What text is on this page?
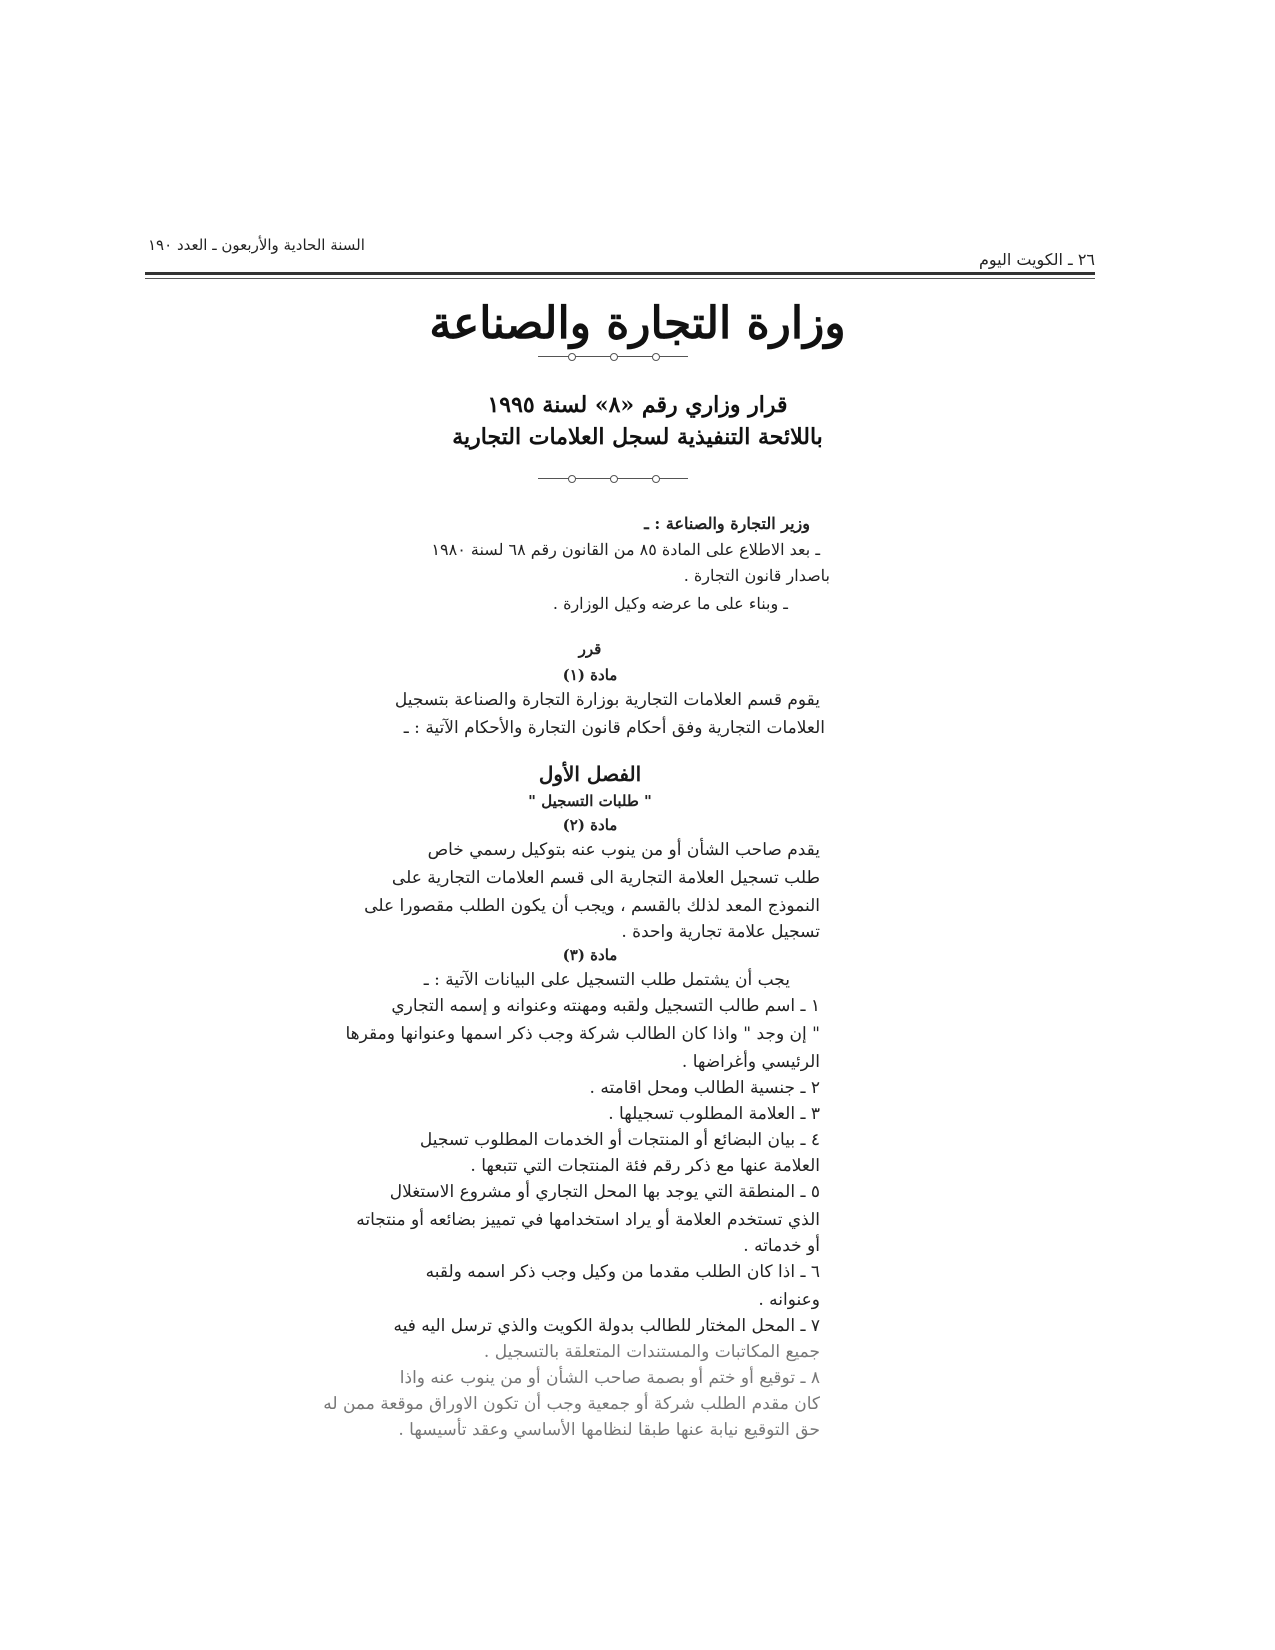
السنة الحادية والأربعون ـ العدد ١٩٠
٢٦ ـ الكويت اليوم
وزارة التجارة والصناعة
قرار وزاري رقم «٨» لسنة ١٩٩٥
باللائحة التنفيذية لسجل العلامات التجارية
وزير التجارة والصناعة : ـ
ـ بعد الاطلاع على المادة ٨٥ من القانون رقم ٦٨ لسنة ١٩٨٠
باصدار قانون التجارة .
ـ وبناء على ما عرضه وكيل الوزارة .
قرر
مادة (١)
يقوم قسم العلامات التجارية بوزارة التجارة والصناعة بتسجيل
العلامات التجارية وفق أحكام قانون التجارة والأحكام الآتية : ـ
الفصل الأول
" طلبات التسجيل "
مادة (٢)
يقدم صاحب الشأن أو من ينوب عنه بتوكيل رسمي خاص
طلب تسجيل العلامة التجارية الى قسم العلامات التجارية على
النموذج المعد لذلك بالقسم ، ويجب أن يكون الطلب مقصورا على
تسجيل علامة تجارية واحدة .
مادة (٣)
يجب أن يشتمل طلب التسجيل على البيانات الآتية : ـ
١ ـ اسم طالب التسجيل ولقبه ومهنته وعنوانه و إسمه التجاري
" إن وجد " واذا كان الطالب شركة وجب ذكر اسمها وعنوانها ومقرها
الرئيسي وأغراضها .
٢ ـ جنسية الطالب ومحل اقامته .
٣ ـ العلامة المطلوب تسجيلها .
٤ ـ بيان البضائع أو المنتجات أو الخدمات المطلوب تسجيل
العلامة عنها مع ذكر رقم فئة المنتجات التي تتبعها .
٥ ـ المنطقة التي يوجد بها المحل التجاري أو مشروع الاستغلال
الذي تستخدم العلامة أو يراد استخدامها في تمييز بضائعه أو منتجاته
أو خدماته .
٦ ـ اذا كان الطلب مقدما من وكيل وجب ذكر اسمه ولقبه
وعنوانه .
٧ ـ المحل المختار للطالب بدولة الكويت والذي ترسل اليه فيه
جميع المكاتبات والمستندات المتعلقة بالتسجيل .
٨ ـ توقيع أو ختم أو بصمة صاحب الشأن أو من ينوب عنه واذا
كان مقدم الطلب شركة أو جمعية وجب أن تكون الاوراق موقعة ممن له
حق التوقيع نيابة عنها طبقا لنظامها الأساسي وعقد تأسيسها .
